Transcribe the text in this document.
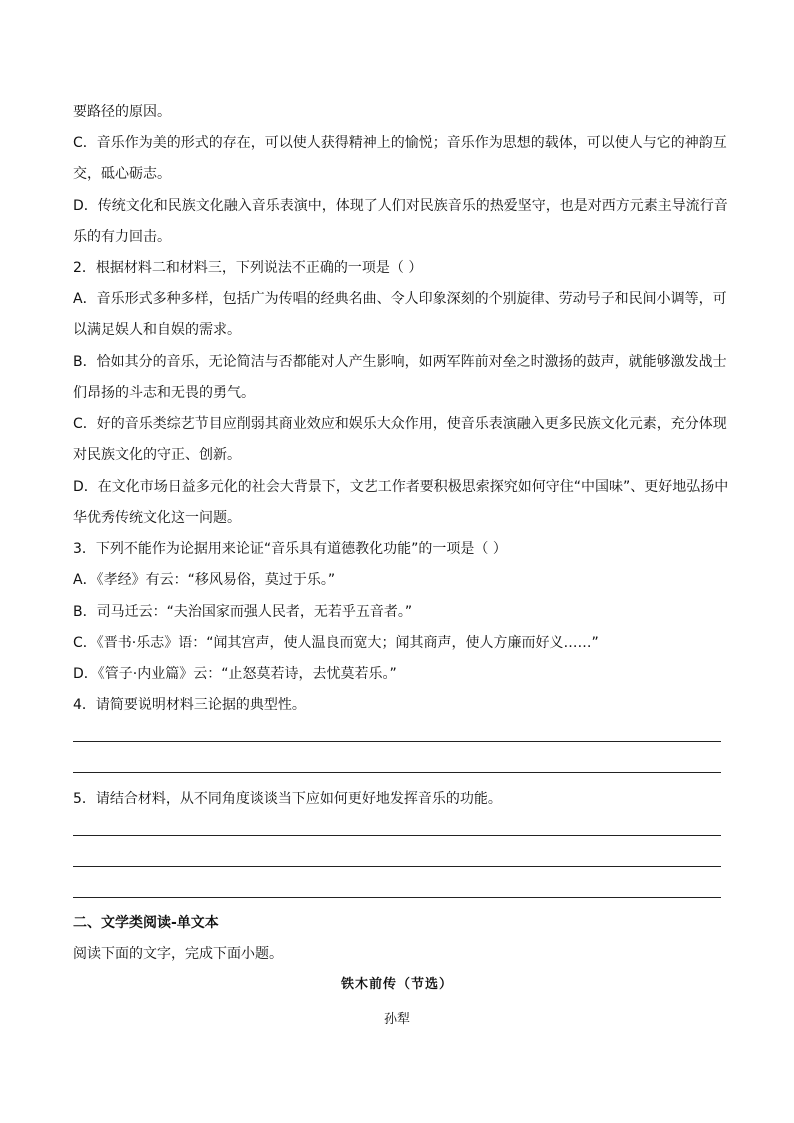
要路径的原因。
C．音乐作为美的形式的存在，可以使人获得精神上的愉悦；音乐作为思想的载体，可以使人与它的神韵互
交，砥心砺志。
D．传统文化和民族文化融入音乐表演中，体现了人们对民族音乐的热爱坚守，也是对西方元素主导流行音
乐的有力回击。
2．根据材料二和材料三，下列说法不正确的一项是（ ）
A．音乐形式多种多样，包括广为传唱的经典名曲、令人印象深刻的个别旋律、劳动号子和民间小调等，可
以满足娱人和自娱的需求。
B．恰如其分的音乐，无论简洁与否都能对人产生影响，如两军阵前对垒之时激扬的鼓声，就能够激发战士
们昂扬的斗志和无畏的勇气。
C．好的音乐类综艺节目应削弱其商业效应和娱乐大众作用，使音乐表演融入更多民族文化元素，充分体现
对民族文化的守正、创新。
D．在文化市场日益多元化的社会大背景下，文艺工作者要积极思索探究如何守住“中国味”、更好地弘扬中
华优秀传统文化这一问题。
3．下列不能作为论据用来论证“音乐具有道德教化功能”的一项是（ ）
A．《孝经》有云：“移风易俗，莫过于乐。”
B．司马迁云：“夫治国家而强人民者，无若乎五音者。”
C．《晋书·乐志》语：“闻其宫声，使人温良而宽大；闻其商声，使人方廉而好义……”
D．《管子·内业篇》云：“止怒莫若诗，去忧莫若乐。”
4．请简要说明材料三论据的典型性。
5．请结合材料，从不同角度谈谈当下应如何更好地发挥音乐的功能。
二、文学类阅读-单文本
阅读下面的文字，完成下面小题。
铁木前传（节选）
孙犁
